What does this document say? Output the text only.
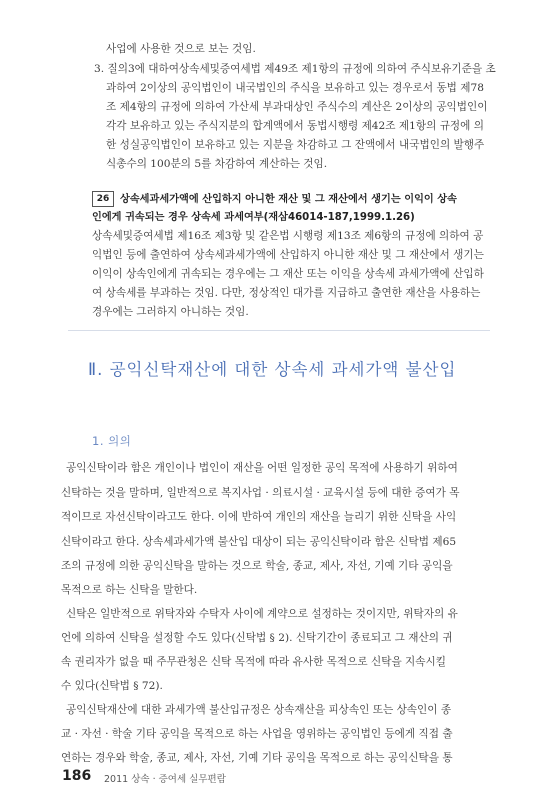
사업에 사용한 것으로 보는 것임.
3. 질의3에 대하여상속세및증여세법 제49조 제1항의 규정에 의하여 주식보유기준을 초
과하여 2이상의 공익법인이 내국법인의 주식을 보유하고 있는 경우로서 동법 제78
조 제4항의 규정에 의하여 가산세 부과대상인 주식수의 계산은 2이상의 공익법인이
각각 보유하고 있는 주식지분의 합계액에서 동법시행령 제42조 제1항의 규정에 의
한 성실공익법인이 보유하고 있는 지분을 차감하고 그 잔액에서 내국법인의 발행주
식총수의 100분의 5를 차감하여 계산하는 것임.
26 상속세과세가액에 산입하지 아니한 재산 및 그 재산에서 생기는 이익이 상속
인에게 귀속되는 경우 상속세 과세여부(재삼46014-187,1999.1.26)
상속세및증여세법 제16조 제3항 및 같은법 시행령 제13조 제6항의 규정에 의하여 공
익법인 등에 출연하여 상속세과세가액에 산입하지 아니한 재산 및 그 재산에서 생기는
이익이 상속인에게 귀속되는 경우에는 그 재산 또는 이익을 상속세 과세가액에 산입하
여 상속세를 부과하는 것임. 다만, 정상적인 대가를 지급하고 출연한 재산을 사용하는
경우에는 그러하지 아니하는 것임.
Ⅱ. 공익신탁재산에 대한 상속세 과세가액 불산입
1. 의의
공익신탁이라 함은 개인이나 법인이 재산을 어떤 일정한 공익 목적에 사용하기 위하여
신탁하는 것을 말하며, 일반적으로 복지사업 · 의료시설 · 교육시설 등에 대한 증여가 목
적이므로 자선신탁이라고도 한다. 이에 반하여 개인의 재산을 늘리기 위한 신탁을 사익
신탁이라고 한다. 상속세과세가액 불산입 대상이 되는 공익신탁이라 함은 신탁법 제65
조의 규정에 의한 공익신탁을 말하는 것으로 학술, 종교, 제사, 자선, 기예 기타 공익을
목적으로 하는 신탁을 말한다.
신탁은 일반적으로 위탁자와 수탁자 사이에 계약으로 설정하는 것이지만, 위탁자의 유
언에 의하여 신탁을 설정할 수도 있다(신탁법 § 2). 신탁기간이 종료되고 그 재산의 귀
속 권리자가 없을 때 주무관청은 신탁 목적에 따라 유사한 목적으로 신탁을 지속시킬
수 있다(신탁법 § 72).
공익신탁재산에 대한 과세가액 불산입규정은 상속재산을 피상속인 또는 상속인이 종
교 · 자선 · 학술 기타 공익을 목적으로 하는 사업을 영위하는 공익법인 등에게 직접 출
연하는 경우와 학술, 종교, 제사, 자선, 기예 기타 공익을 목적으로 하는 공익신탁을 통
186 2011 상속 · 증여세 실무편람
